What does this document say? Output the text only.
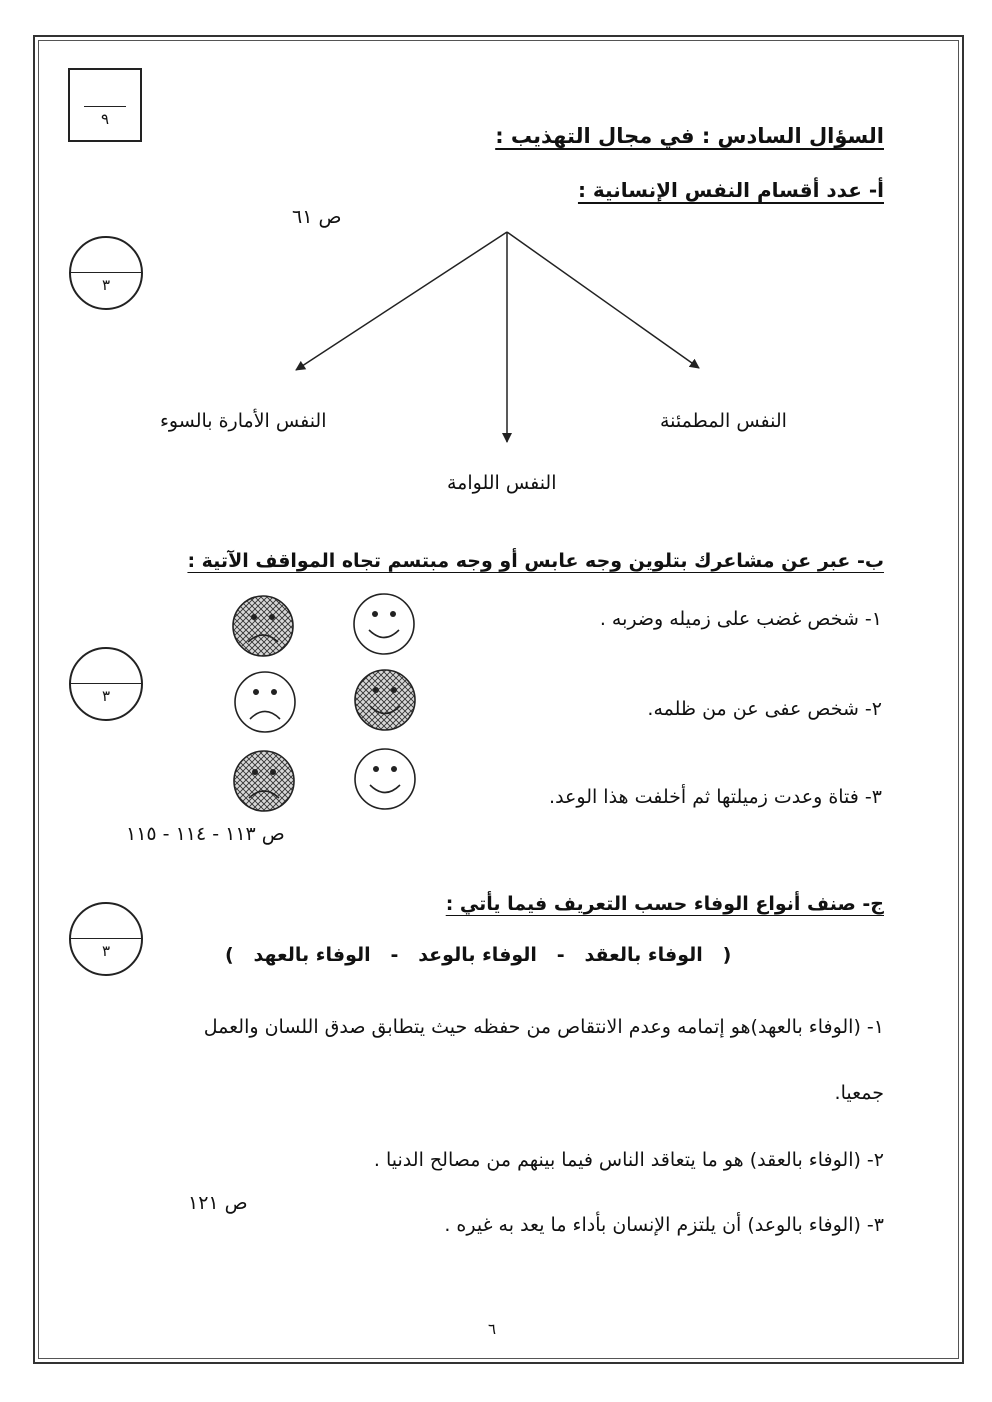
٩
السؤال السادس : في مجال التهذيب :
أ- عدد أقسام النفس الإنسانية :
ص ٦١
٣
النفس الأمارة بالسوء	النفس المطمئنة
النفس اللوامة
ب- عبر عن مشاعرك بتلوين وجه عابس أو وجه مبتسم تجاه المواقف الآتية :
٣
١- شخص غضب على زميله وضربه .
٢- شخص عفى عن من ظلمه.
٣- فتاة وعدت زميلتها ثم أخلفت هذا الوعد.
ص ١١٣ - ١١٤ - ١١٥
ج- صنف أنواع الوفاء حسب التعريف فيما يأتي :
٣	(   الوفاء بالعقد   -   الوفاء بالوعد   -   الوفاء بالعهد   )
١- (الوفاء بالعهد)هو إتمامه وعدم الانتقاص من حفظه حيث يتطابق صدق اللسان والعمل
جمعيا.
٢- (الوفاء بالعقد) هو ما يتعاقد الناس فيما بينهم من مصالح الدنيا .
ص ١٢١
٣- (الوفاء بالوعد) أن يلتزم الإنسان بأداء ما يعد به غيره .
٦
